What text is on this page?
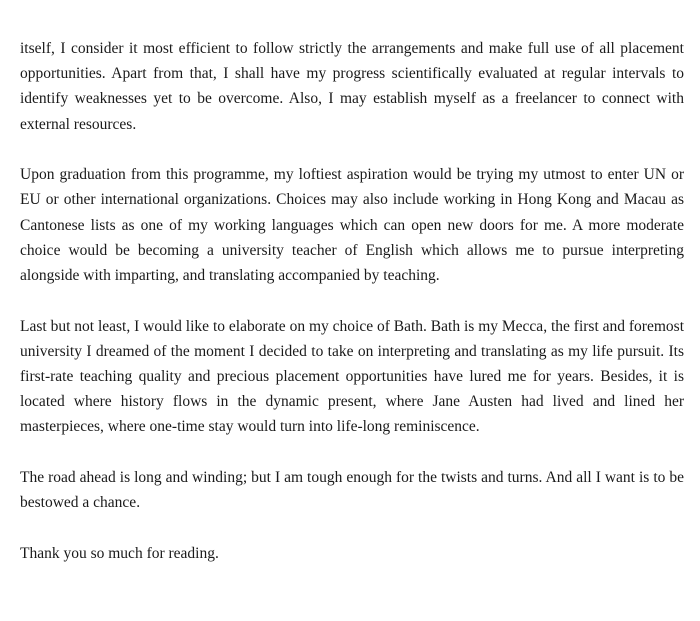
itself, I consider it most efficient to follow strictly the arrangements and make full use of all placement opportunities. Apart from that, I shall have my progress scientifically evaluated at regular intervals to identify weaknesses yet to be overcome. Also, I may establish myself as a freelancer to connect with external resources.

Upon graduation from this programme, my loftiest aspiration would be trying my utmost to enter UN or EU or other international organizations. Choices may also include working in Hong Kong and Macau as Cantonese lists as one of my working languages which can open new doors for me. A more moderate choice would be becoming a university teacher of English which allows me to pursue interpreting alongside with imparting, and translating accompanied by teaching.

Last but not least, I would like to elaborate on my choice of Bath. Bath is my Mecca, the first and foremost university I dreamed of the moment I decided to take on interpreting and translating as my life pursuit. Its first-rate teaching quality and precious placement opportunities have lured me for years. Besides, it is located where history flows in the dynamic present, where Jane Austen had lived and lined her masterpieces, where one-time stay would turn into life-long reminiscence.

The road ahead is long and winding; but I am tough enough for the twists and turns. And all I want is to be bestowed a chance.

Thank you so much for reading.
